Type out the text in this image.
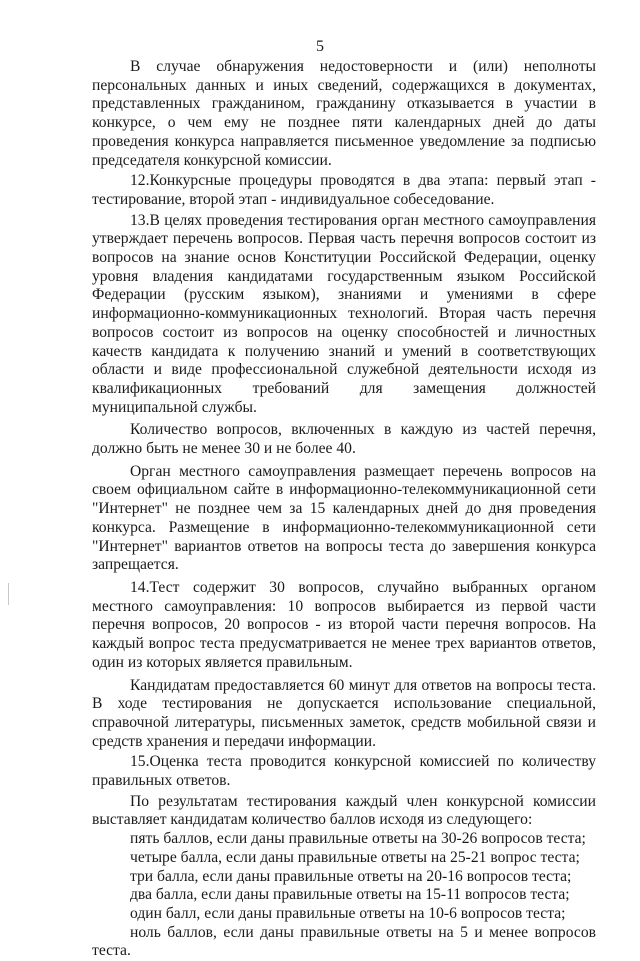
5

В случае обнаружения недостоверности и (или) неполноты персональных данных и иных сведений, содержащихся в документах, представленных гражданином, гражданину отказывается в участии в конкурсе, о чем ему не позднее пяти календарных дней до даты проведения конкурса направляется письменное уведомление за подписью председателя конкурсной комиссии.

12.Конкурсные процедуры проводятся в два этапа: первый этап - тестирование, второй этап - индивидуальное собеседование.

13.В целях проведения тестирования орган местного самоуправления утверждает перечень вопросов. Первая часть перечня вопросов состоит из вопросов на знание основ Конституции Российской Федерации, оценку уровня владения кандидатами государственным языком Российской Федерации (русским языком), знаниями и умениями в сфере информационно-коммуникационных технологий. Вторая часть перечня вопросов состоит из вопросов на оценку способностей и личностных качеств кандидата к получению знаний и умений в соответствующих области и виде профессиональной служебной деятельности исходя из квалификационных требований для замещения должностей муниципальной службы.

Количество вопросов, включенных в каждую из частей перечня, должно быть не менее 30 и не более 40.

Орган местного самоуправления размещает перечень вопросов на своем официальном сайте в информационно-телекоммуникационной сети "Интернет" не позднее чем за 15 календарных дней до дня проведения конкурса. Размещение в информационно-телекоммуникационной сети "Интернет" вариантов ответов на вопросы теста до завершения конкурса запрещается.

14.Тест содержит 30 вопросов, случайно выбранных органом местного самоуправления: 10 вопросов выбирается из первой части перечня вопросов, 20 вопросов - из второй части перечня вопросов. На каждый вопрос теста предусматривается не менее трех вариантов ответов, один из которых является правильным.

Кандидатам предоставляется 60 минут для ответов на вопросы теста. В ходе тестирования не допускается использование специальной, справочной литературы, письменных заметок, средств мобильной связи и средств хранения и передачи информации.

15.Оценка теста проводится конкурсной комиссией по количеству правильных ответов.

По результатам тестирования каждый член конкурсной комиссии выставляет кандидатам количество баллов исходя из следующего:

пять баллов, если даны правильные ответы на 30-26 вопросов теста;

четыре балла, если даны правильные ответы на 25-21 вопрос теста;

три балла, если даны правильные ответы на 20-16 вопросов теста;

два балла, если даны правильные ответы на 15-11 вопросов теста;

один балл, если даны правильные ответы на 10-6 вопросов теста;

ноль баллов, если даны правильные ответы на 5 и менее вопросов теста.
